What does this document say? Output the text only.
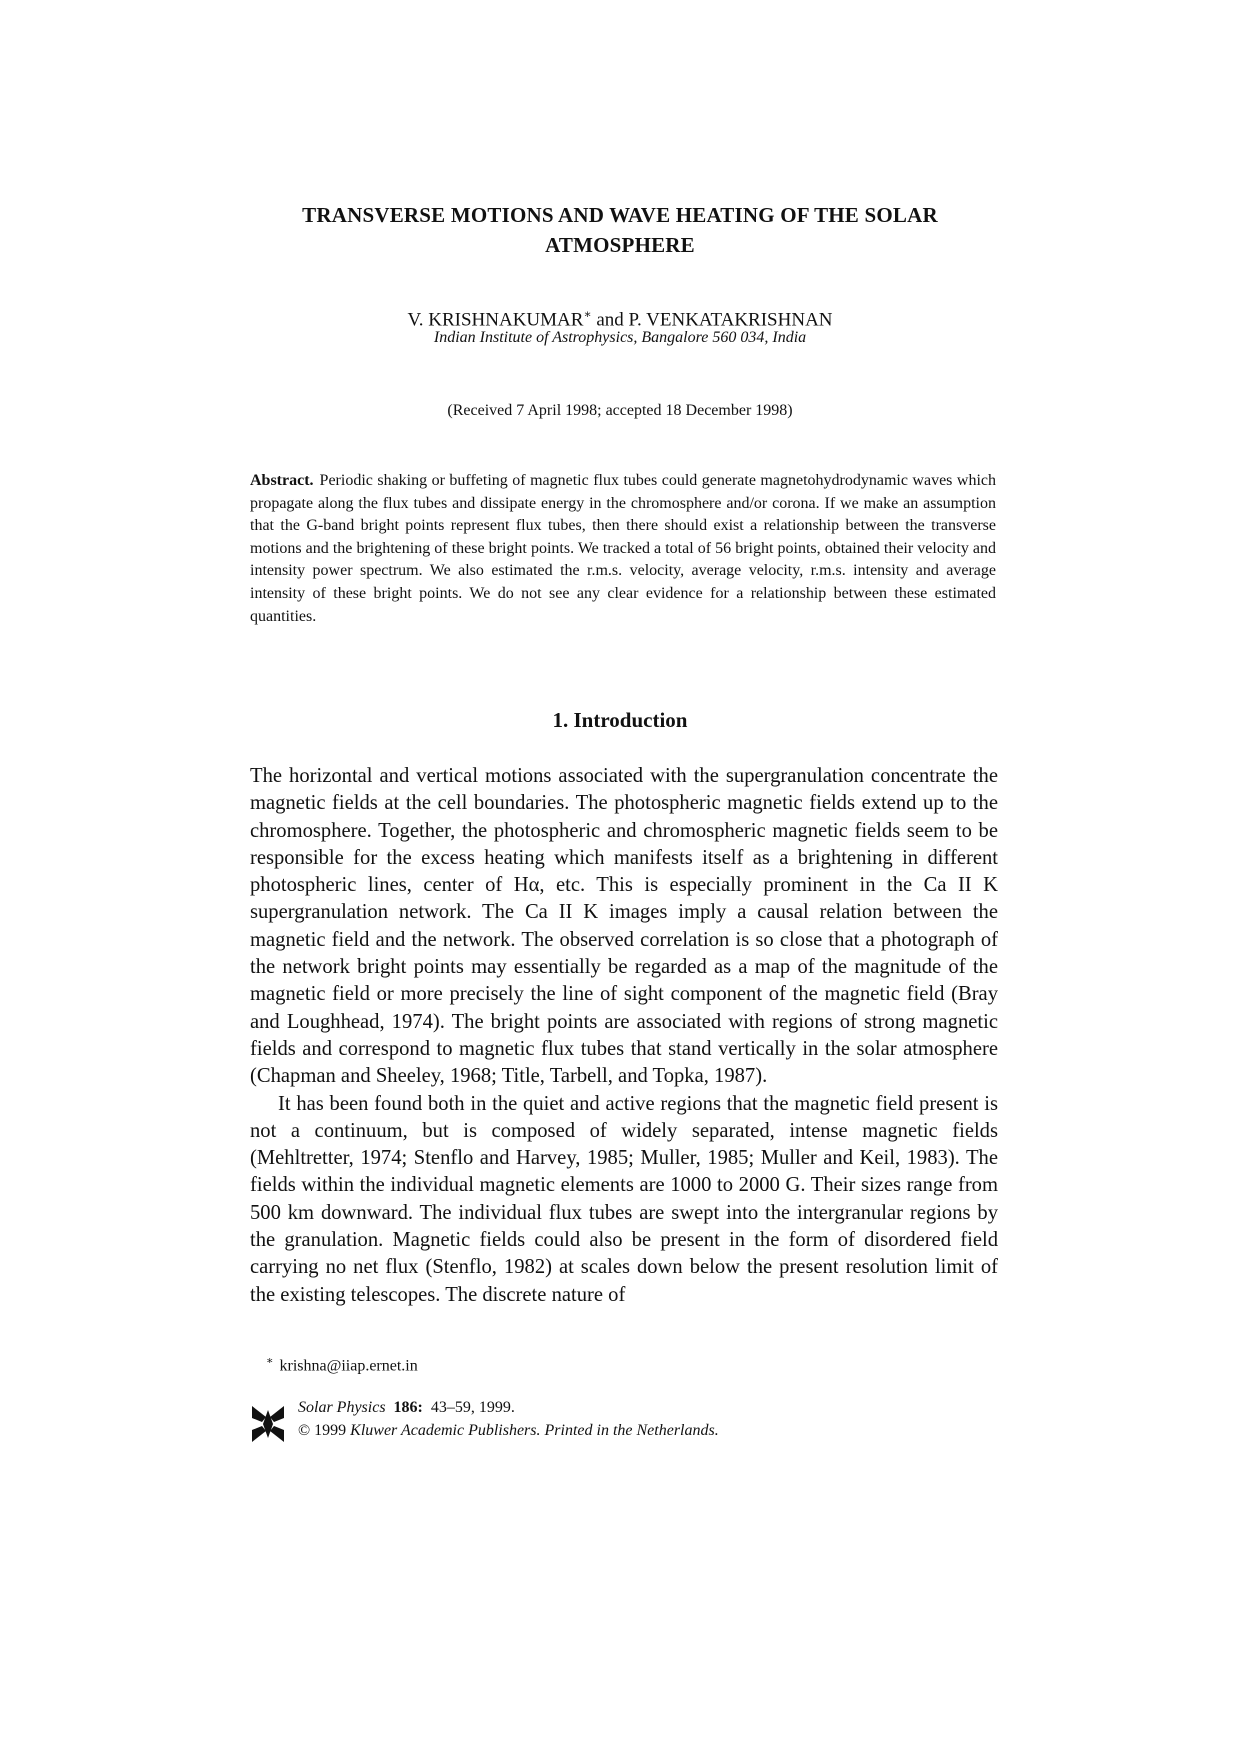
TRANSVERSE MOTIONS AND WAVE HEATING OF THE SOLAR
ATMOSPHERE
V. KRISHNAKUMAR∗ and P. VENKATAKRISHNAN
Indian Institute of Astrophysics, Bangalore 560 034, India
(Received 7 April 1998; accepted 18 December 1998)
Abstract. Periodic shaking or buffeting of magnetic flux tubes could generate magnetohydrodynamic waves which propagate along the flux tubes and dissipate energy in the chromosphere and/or corona. If we make an assumption that the G-band bright points represent flux tubes, then there should exist a relationship between the transverse motions and the brightening of these bright points. We tracked a total of 56 bright points, obtained their velocity and intensity power spectrum. We also estimated the r.m.s. velocity, average velocity, r.m.s. intensity and average intensity of these bright points. We do not see any clear evidence for a relationship between these estimated quantities.
1. Introduction

The horizontal and vertical motions associated with the supergranulation concentrate the magnetic fields at the cell boundaries. The photospheric magnetic fields extend up to the chromosphere. Together, the photospheric and chromospheric magnetic fields seem to be responsible for the excess heating which manifests itself as a brightening in different photospheric lines, center of Hα, etc. This is especially prominent in the Ca II K supergranulation network. The Ca II K images imply a causal relation between the magnetic field and the network. The observed correlation is so close that a photograph of the network bright points may essentially be regarded as a map of the magnitude of the magnetic field or more precisely the line of sight component of the magnetic field (Bray and Loughhead, 1974). The bright points are associated with regions of strong magnetic fields and correspond to magnetic flux tubes that stand vertically in the solar atmosphere (Chapman and Sheeley, 1968; Title, Tarbell, and Topka, 1987).

It has been found both in the quiet and active regions that the magnetic field present is not a continuum, but is composed of widely separated, intense magnetic fields (Mehltretter, 1974; Stenflo and Harvey, 1985; Muller, 1985; Muller and Keil, 1983). The fields within the individual magnetic elements are 1000 to 2000 G. Their sizes range from 500 km downward. The individual flux tubes are swept into the intergranular regions by the granulation. Magnetic fields could also be present in the form of disordered field carrying no net flux (Stenflo, 1982) at scales down below the present resolution limit of the existing telescopes. The discrete nature of

∗ krishna@iiap.ernet.in
Solar Physics 186: 43–59, 1999.
© 1999 Kluwer Academic Publishers. Printed in the Netherlands.
